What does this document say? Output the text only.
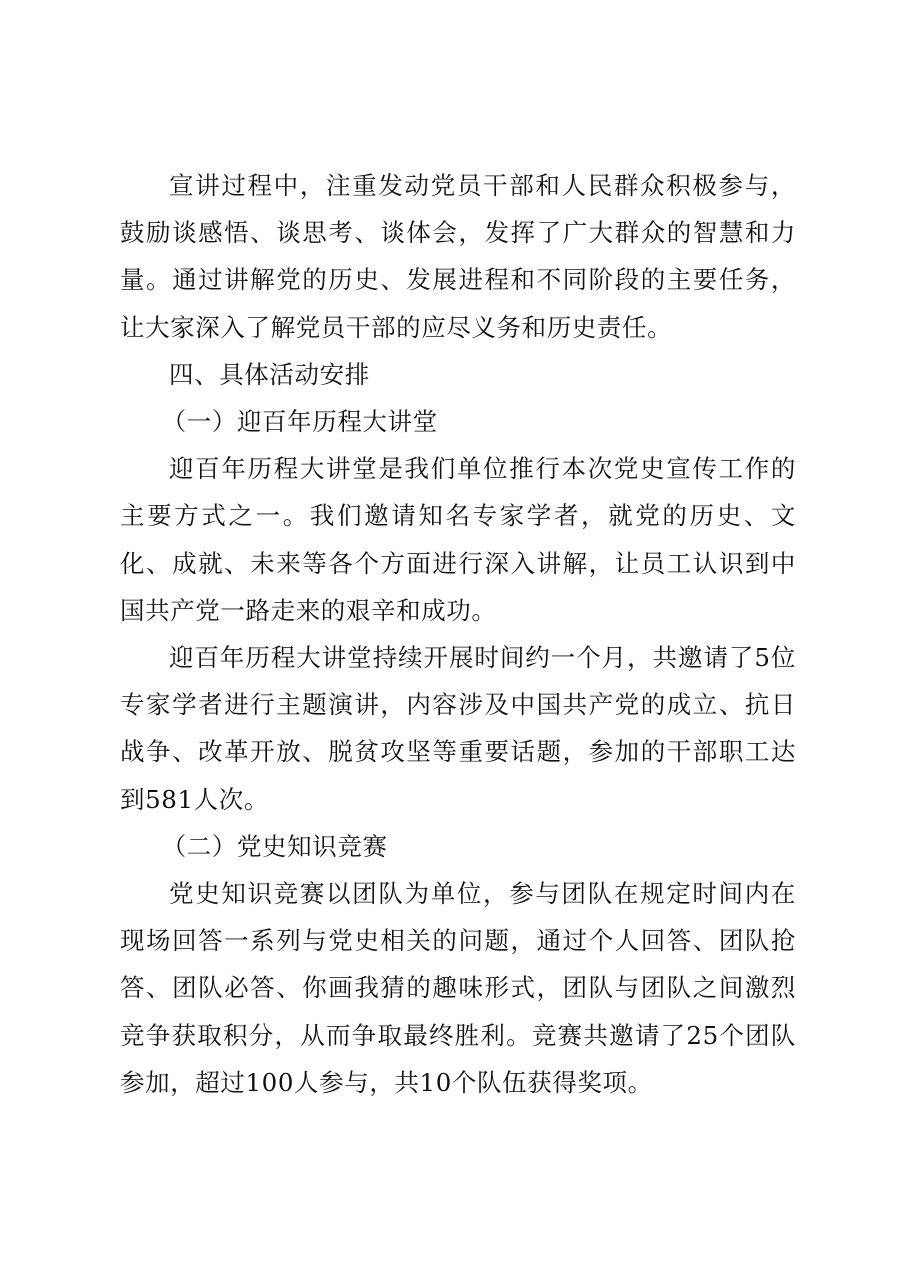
宣讲过程中，注重发动党员干部和人民群众积极参与，鼓励谈感悟、谈思考、谈体会，发挥了广大群众的智慧和力量。通过讲解党的历史、发展进程和不同阶段的主要任务，让大家深入了解党员干部的应尽义务和历史责任。

四、具体活动安排

（一）迎百年历程大讲堂

迎百年历程大讲堂是我们单位推行本次党史宣传工作的主要方式之一。我们邀请知名专家学者，就党的历史、文化、成就、未来等各个方面进行深入讲解，让员工认识到中国共产党一路走来的艰辛和成功。

迎百年历程大讲堂持续开展时间约一个月，共邀请了5位专家学者进行主题演讲，内容涉及中国共产党的成立、抗日战争、改革开放、脱贫攻坚等重要话题，参加的干部职工达到581人次。

（二）党史知识竞赛

党史知识竞赛以团队为单位，参与团队在规定时间内在现场回答一系列与党史相关的问题，通过个人回答、团队抢答、团队必答、你画我猜的趣味形式，团队与团队之间激烈竞争获取积分，从而争取最终胜利。竞赛共邀请了25个团队参加，超过100人参与，共10个队伍获得奖项。
